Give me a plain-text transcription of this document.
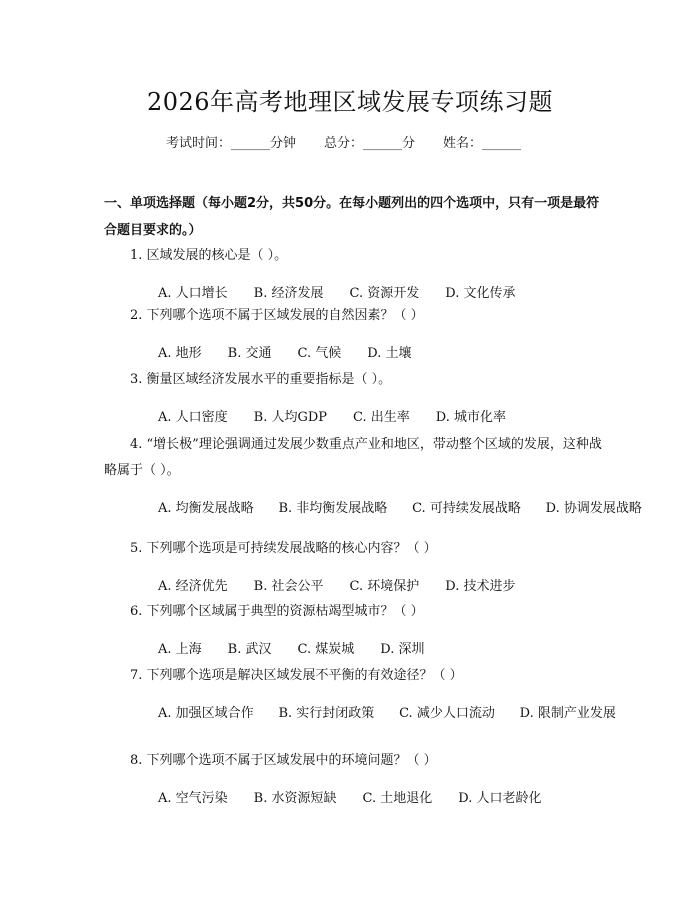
2026年高考地理区域发展专项练习题
考试时间：______分钟 总分：______分 姓名：______
一、单项选择题（每小题2分，共50分。在每小题列出的四个选项中，只有一项是最符合题目要求的。）
1. 区域发展的核心是（ ）。
A. 人口增长 B. 经济发展 C. 资源开发 D. 文化传承
2. 下列哪个选项不属于区域发展的自然因素？（ ）
A. 地形 B. 交通 C. 气候 D. 土壤
3. 衡量区域经济发展水平的重要指标是（ ）。
A. 人口密度 B. 人均GDP C. 出生率 D. 城市化率
4. “增长极”理论强调通过发展少数重点产业和地区，带动整个区域的发展，这种战略属于（ ）。
A. 均衡发展战略 B. 非均衡发展战略 C. 可持续发展战略 D. 协调发展战略
5. 下列哪个选项是可持续发展战略的核心内容？（ ）
A. 经济优先 B. 社会公平 C. 环境保护 D. 技术进步
6. 下列哪个区域属于典型的资源枯竭型城市？（ ）
A. 上海 B. 武汉 C. 煤炭城 D. 深圳
7. 下列哪个选项是解决区域发展不平衡的有效途径？（ ）
A. 加强区域合作 B. 实行封闭政策 C. 减少人口流动 D. 限制产业发展
8. 下列哪个选项不属于区域发展中的环境问题？（ ）
A. 空气污染 B. 水资源短缺 C. 土地退化 D. 人口老龄化
